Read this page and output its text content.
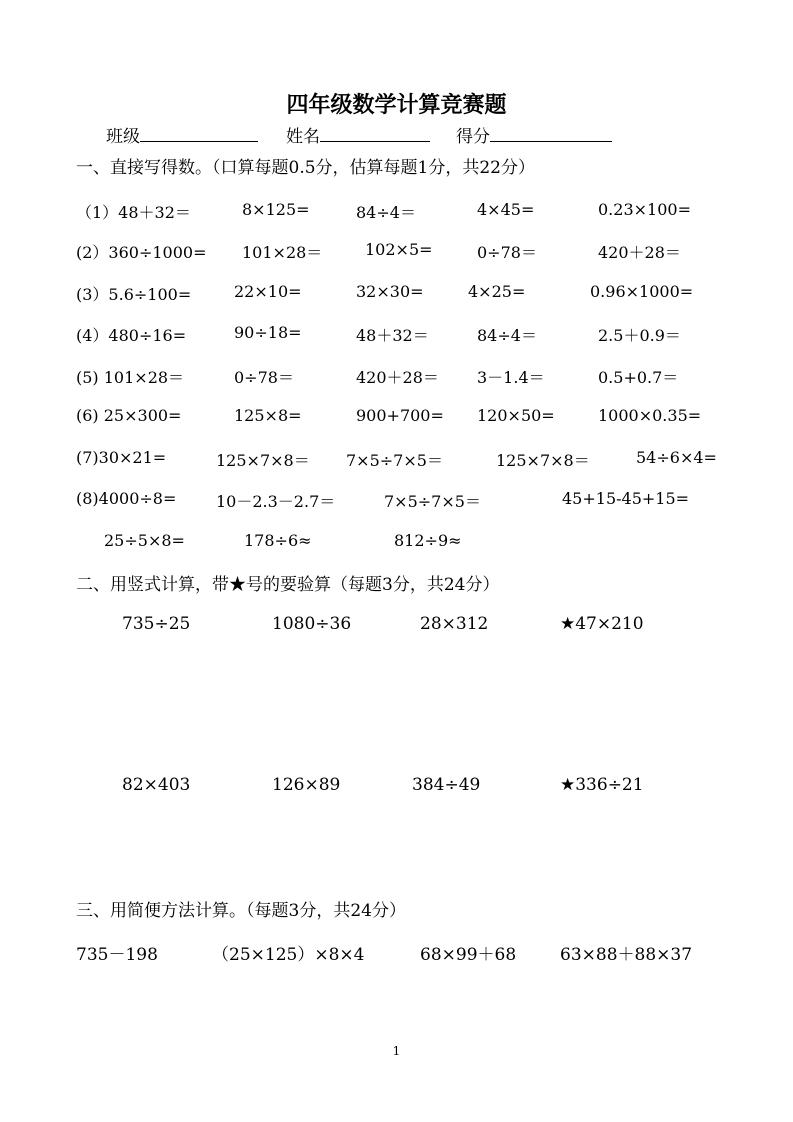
四年级数学计算竞赛题
班级	姓名	得分
一、直接写得数。（口算每题0.5分，估算每题1分，共22分）
（1）48＋32＝	8×125=	84÷4＝	4×45=	0.23×100=
(2）360÷1000= 101×28＝	102×5=	0÷78＝	420＋28＝
(3）5.6÷100=	22×10=	32×30=	4×25=	0.96×1000=
(4）480÷16=	90÷18=	48＋32＝	84÷4＝	2.5＋0.9＝
(5) 101×28＝	0÷78＝	420＋28＝ 3－1.4＝	0.5+0.7＝
(6) 25×300=	125×8=	900+700= 120×50=	1000×0.35=
(7)30×21=	125×7×8＝ 7×5÷7×5＝	125×7×8＝	54÷6×4=
(8)4000÷8= 10－2.3－2.7＝	7×5÷7×5＝	45+15-45+15=
25÷5×8=	178÷6≈	812÷9≈
二、用竖式计算，带★号的要验算（每题3分，共24分）
735÷25	1080÷36	28×312	★47×210
82×403	126×89	384÷49	★336÷21
三、用简便方法计算。（每题3分，共24分）
735－198	（25×125）×8×4	68×99＋68	63×88＋88×37
1
